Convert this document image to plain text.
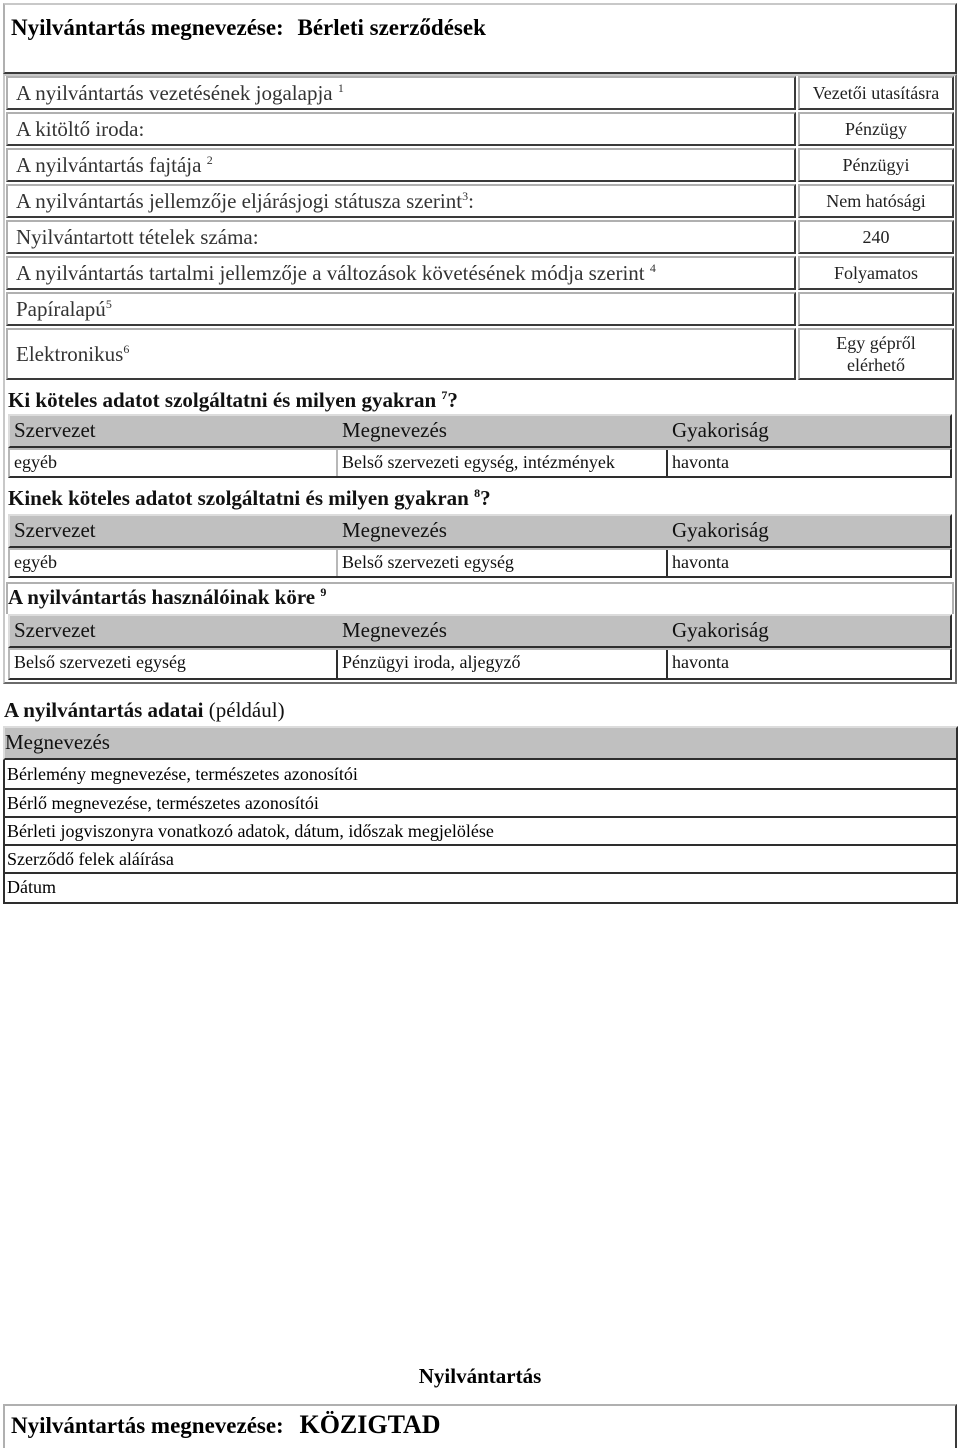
Nyilvántartás megnevezése: Bérleti szerződések
A nyilvántartás vezetésének jogalapja $^1$	Vezetői utasításra
A kitöltő iroda:	Pénzügy
A nyilvántartás fajtája $^2$	Pénzügyi
A nyilvántartás jellemzője eljárásjogi státusza szerint$^3$:	Nem hatósági
Nyilvántartott tételek száma:	240
A nyilvántartás tartalmi jellemzője a változások követésének módja szerint $^4$	Folyamatos
Papíralapú$^5$
Elektronikus$^6$	Egy gépről
elérhető
Ki köteles adatot szolgáltatni és milyen gyakran $^7$?
Szervezet	Megnevezés	Gyakoriság
egyéb	Belső szervezeti egység, intézmények	havonta
Kinek köteles adatot szolgáltatni és milyen gyakran $^8$?
Szervezet	Megnevezés	Gyakoriság
egyéb	Belső szervezeti egység	havonta
A nyilvántartás használóinak köre $^9$
Szervezet	Megnevezés	Gyakoriság
Belső szervezeti egység	Pénzügyi iroda, aljegyző	havonta
A nyilvántartás adatai (például)
Megnevezés
Bérlemény megnevezése, természetes azonosítói
Bérlő megnevezése, természetes azonosítói
Bérleti jogviszonyra vonatkozó adatok, dátum, időszak megjelölése
Szerződő felek aláírása
Dátum
Nyilvántartás
Nyilvántartás megnevezése: KÖZIGTAD
